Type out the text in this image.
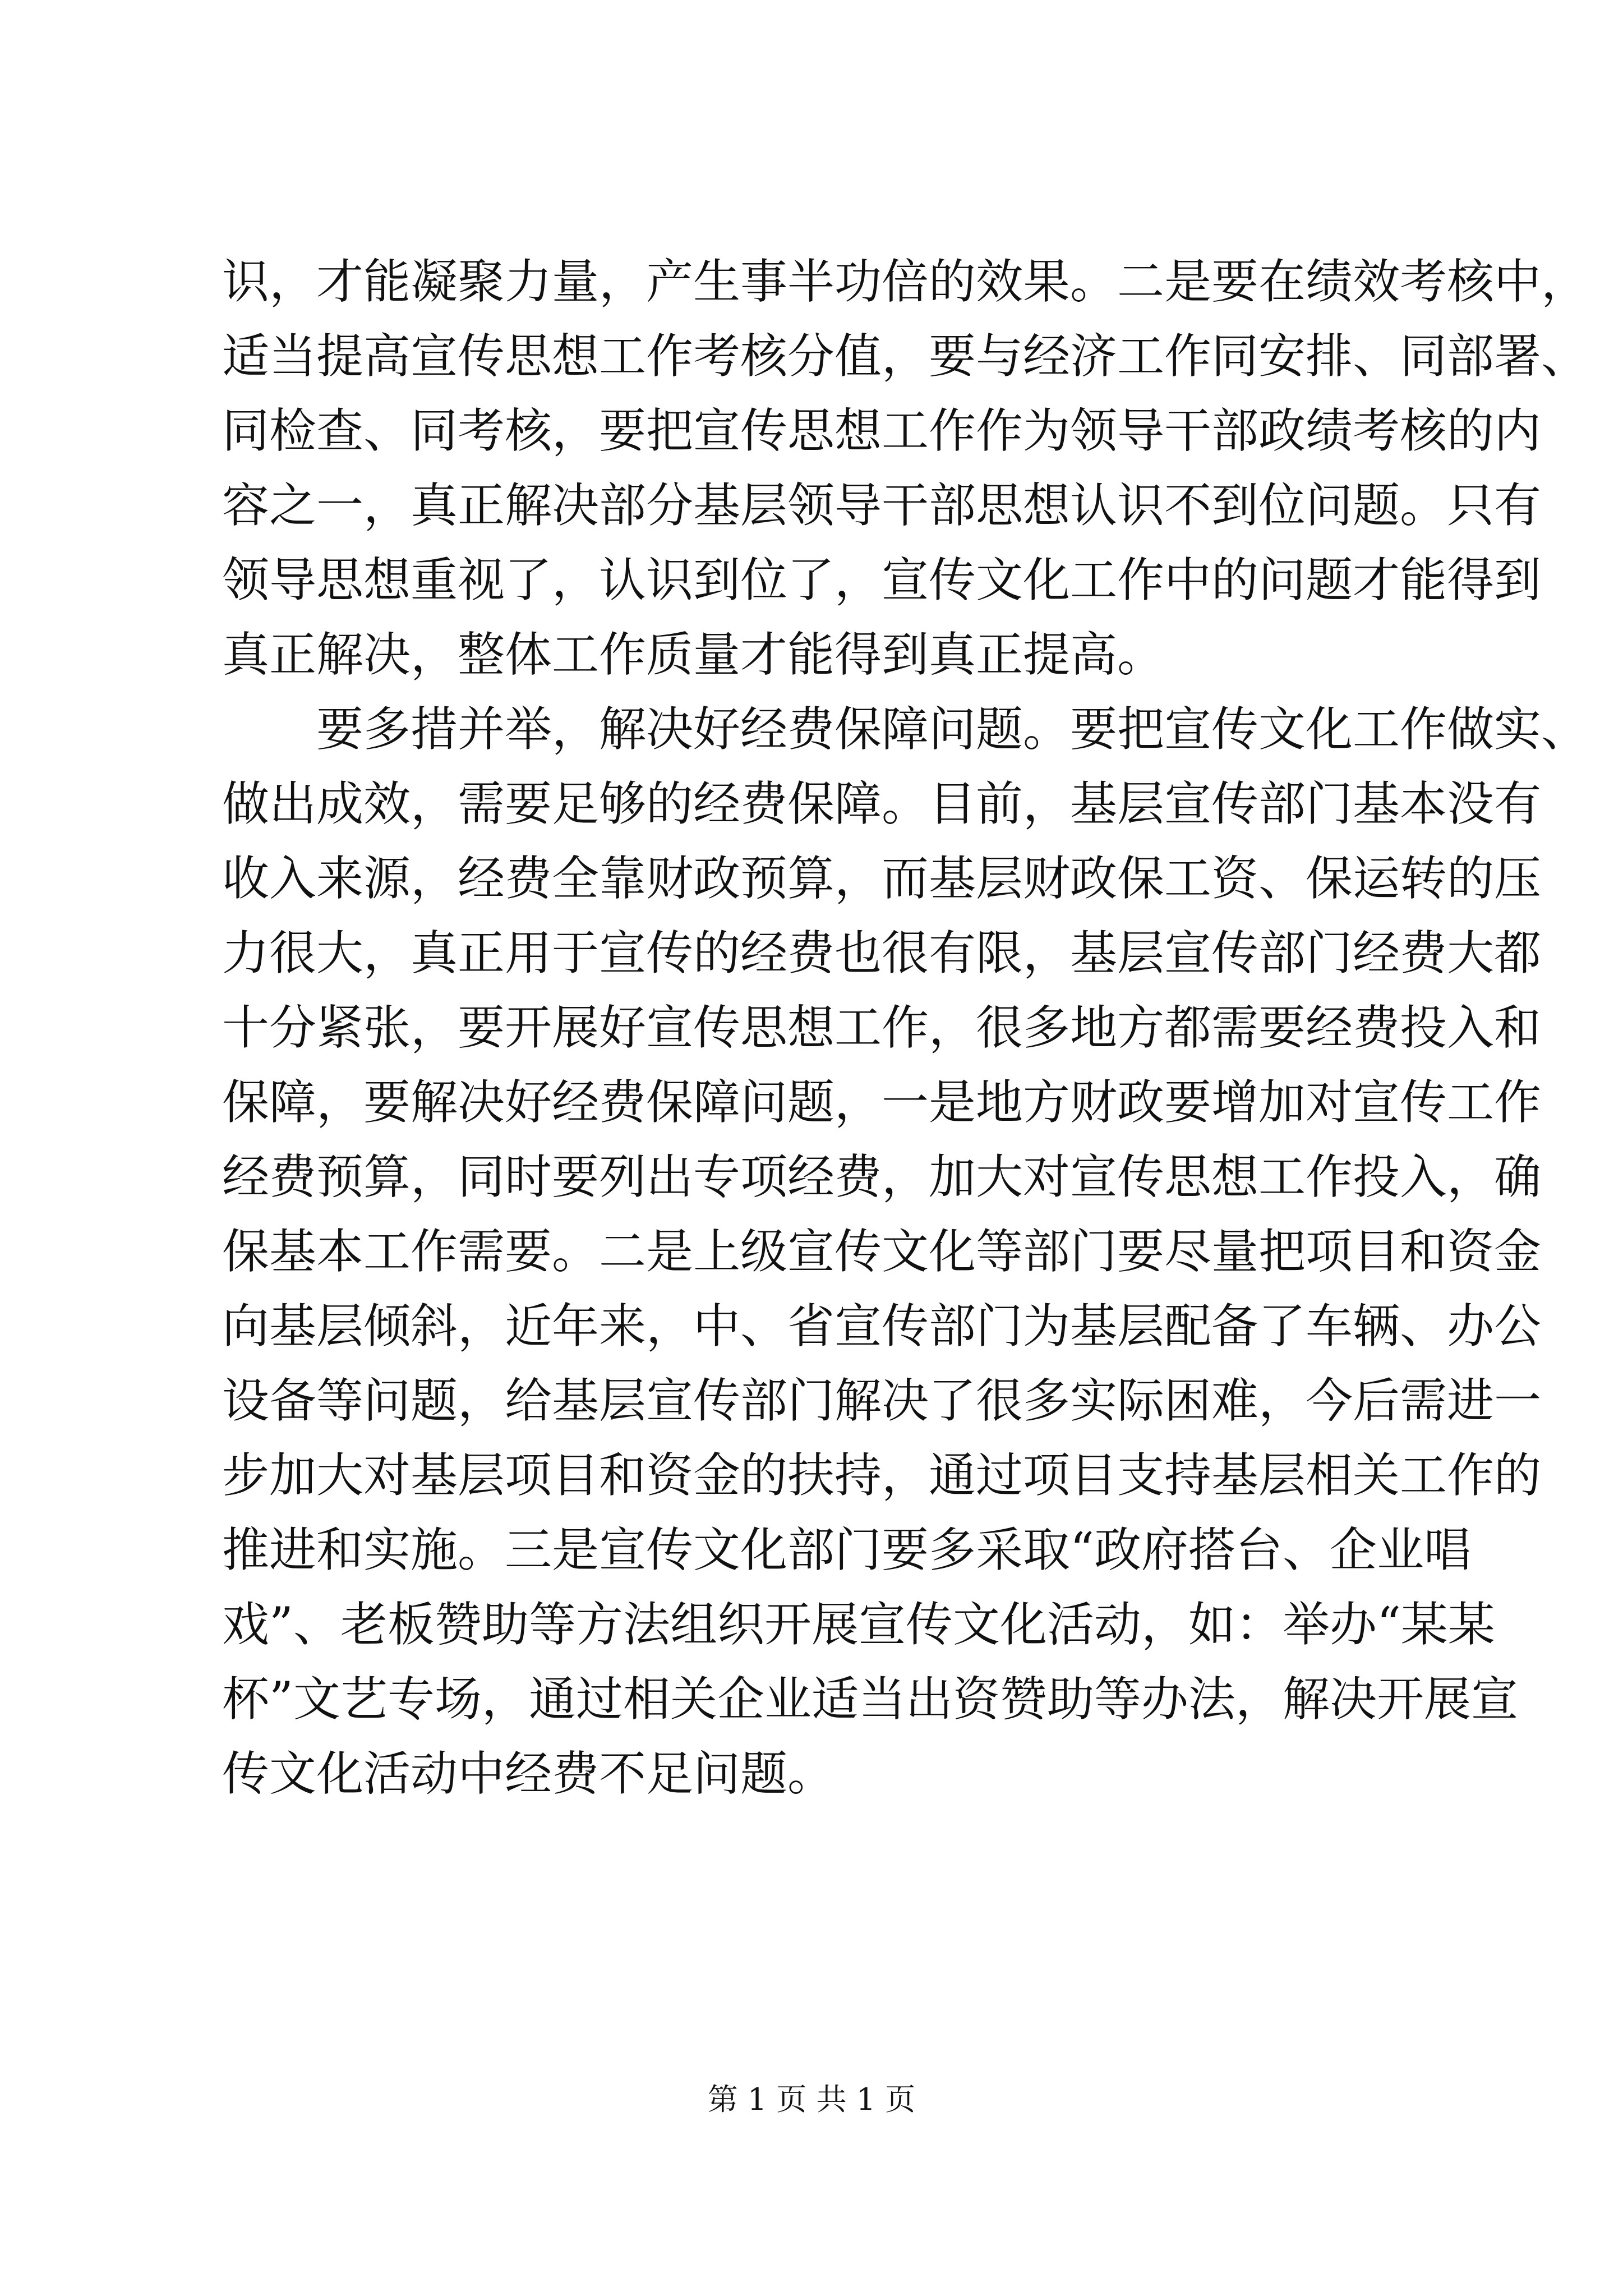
识，才能凝聚力量，产生事半功倍的效果。二是要在绩效考核中，
适当提高宣传思想工作考核分值，要与经济工作同安排、同部署、
同检查、同考核，要把宣传思想工作作为领导干部政绩考核的内
容之一，真正解决部分基层领导干部思想认识不到位问题。只有
领导思想重视了，认识到位了，宣传文化工作中的问题才能得到
真正解决，整体工作质量才能得到真正提高。
要多措并举，解决好经费保障问题。要把宣传文化工作做实、
做出成效，需要足够的经费保障。目前，基层宣传部门基本没有
收入来源，经费全靠财政预算，而基层财政保工资、保运转的压
力很大，真正用于宣传的经费也很有限，基层宣传部门经费大都
十分紧张，要开展好宣传思想工作，很多地方都需要经费投入和
保障，要解决好经费保障问题，一是地方财政要增加对宣传工作
经费预算，同时要列出专项经费，加大对宣传思想工作投入，确
保基本工作需要。二是上级宣传文化等部门要尽量把项目和资金
向基层倾斜，近年来，中、省宣传部门为基层配备了车辆、办公
设备等问题，给基层宣传部门解决了很多实际困难，今后需进一
步加大对基层项目和资金的扶持，通过项目支持基层相关工作的
推进和实施。三是宣传文化部门要多采取“政府搭台、企业唱
戏”、老板赞助等方法组织开展宣传文化活动，如：举办“某某
杯”文艺专场，通过相关企业适当出资赞助等办法，解决开展宣
传文化活动中经费不足问题。
第 1 页 共 1 页
